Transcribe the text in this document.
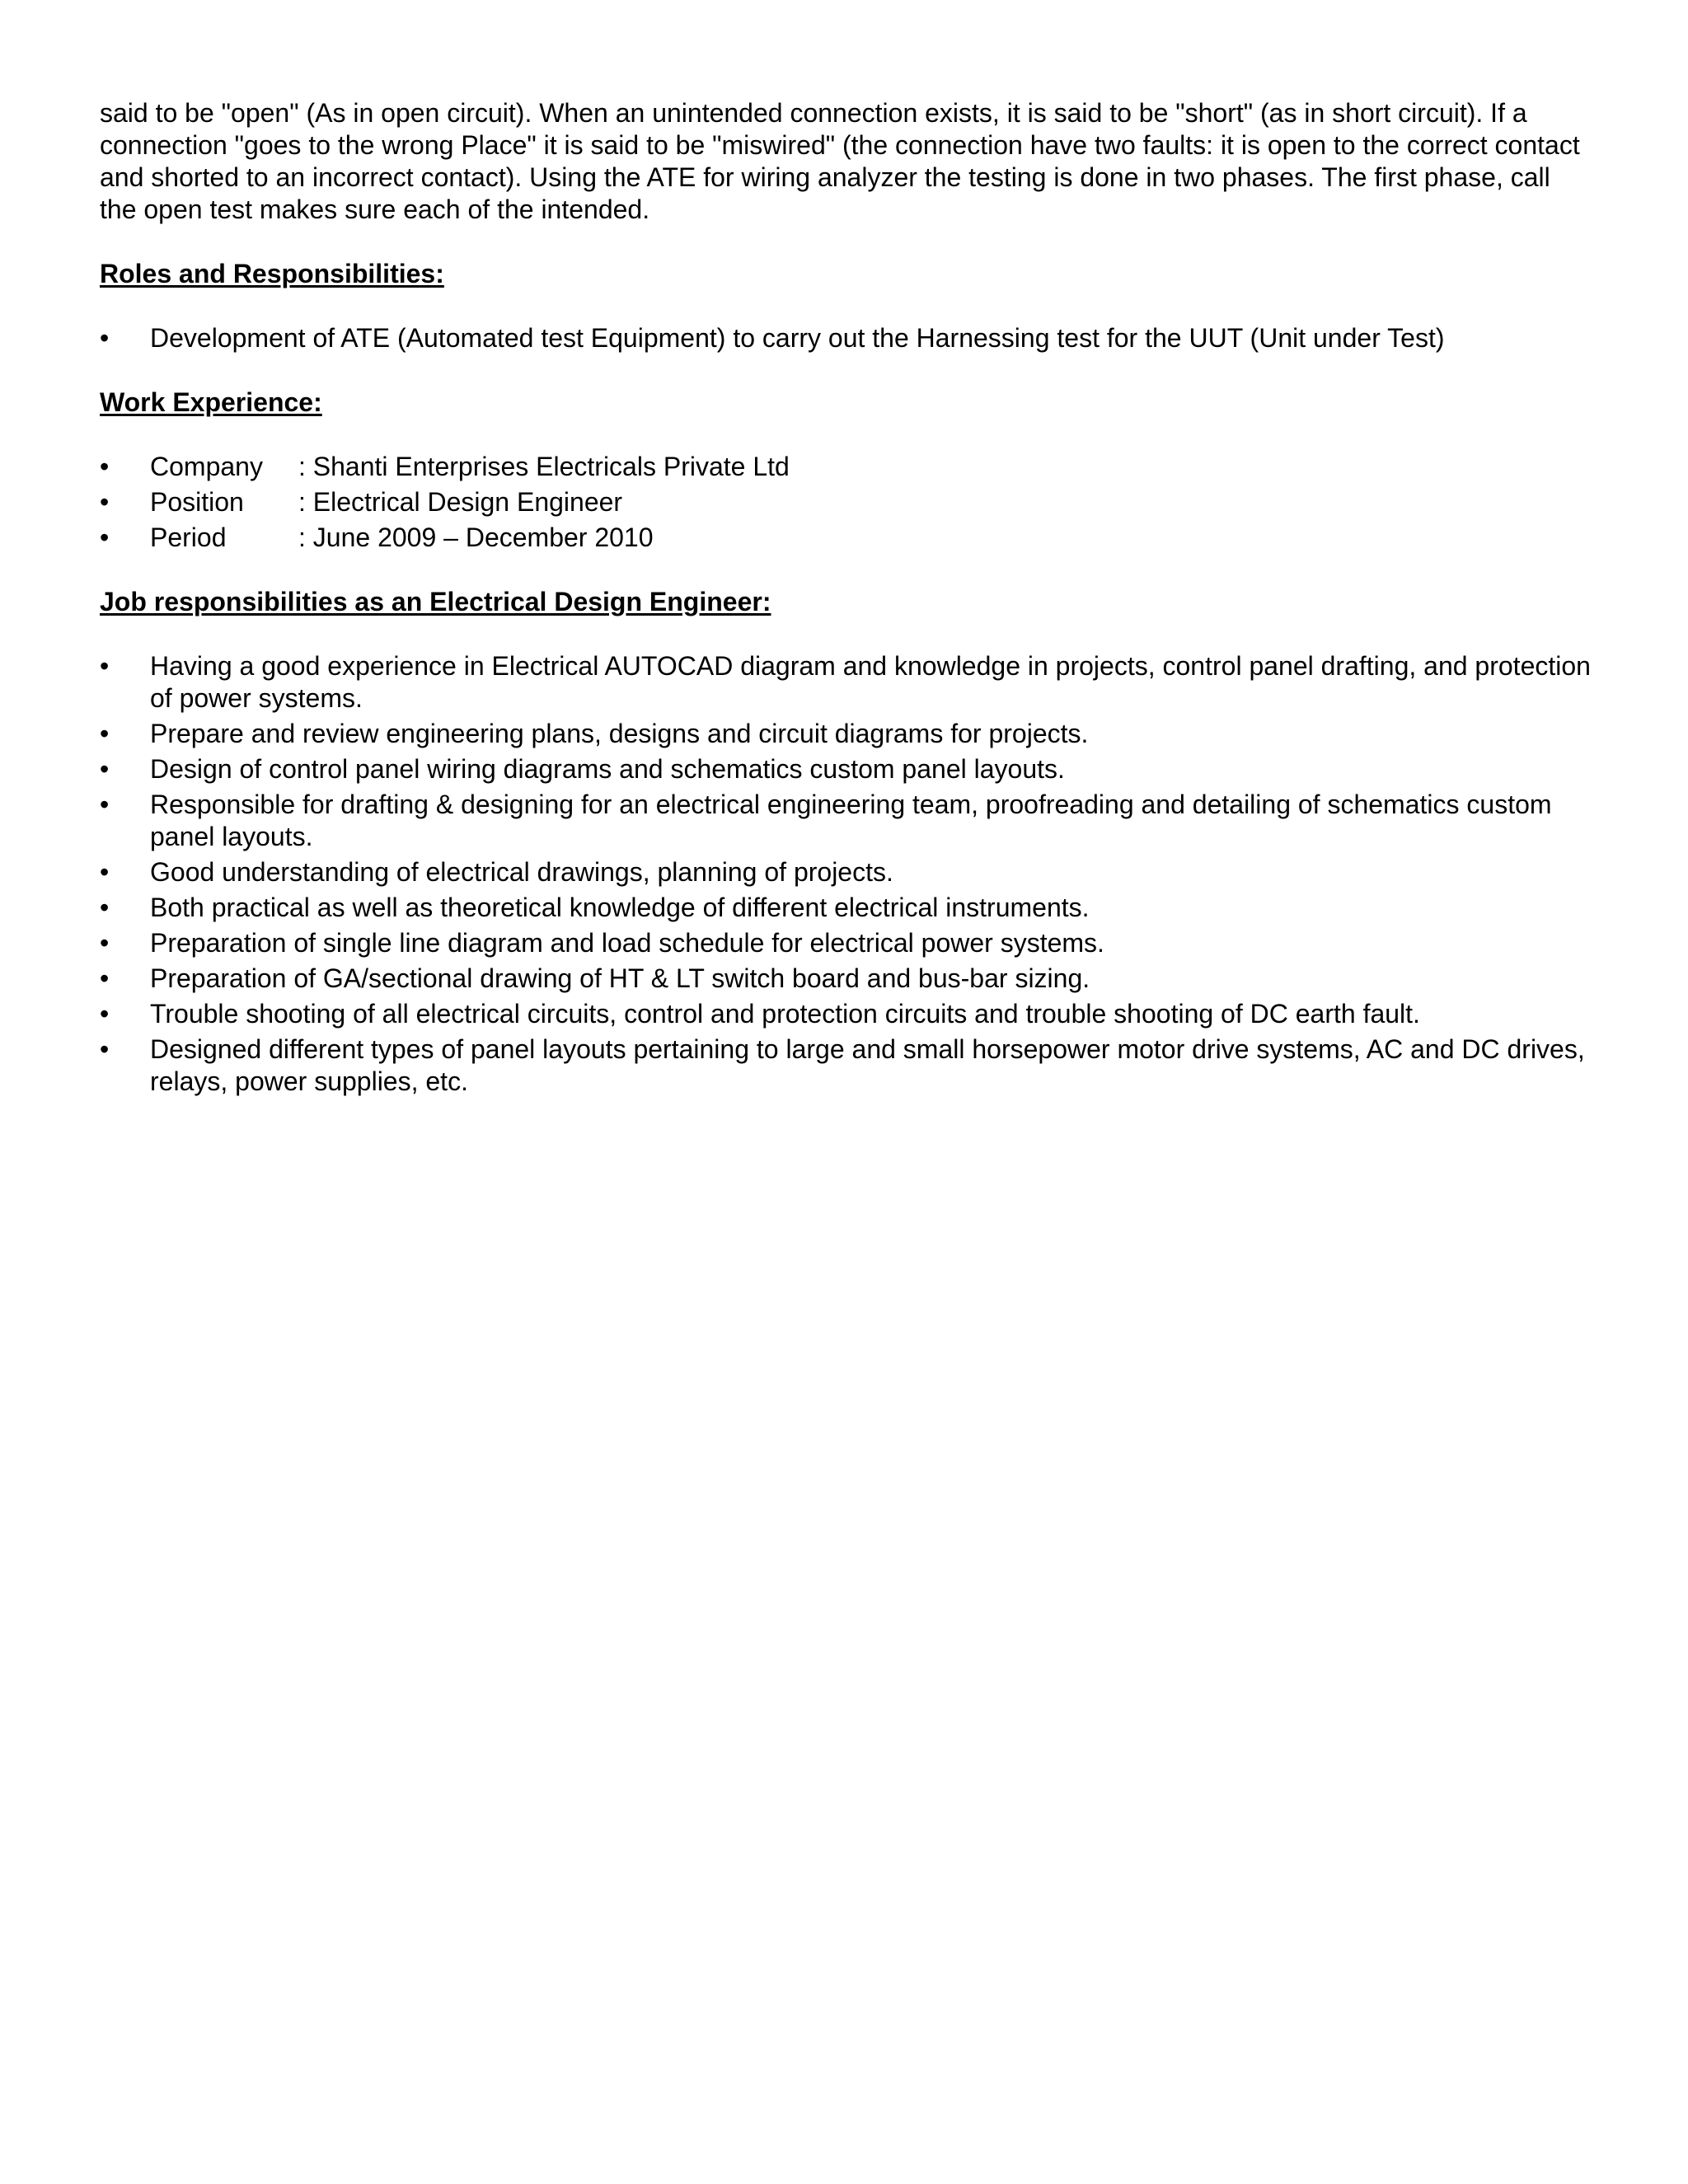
said to be "open" (As in open circuit). When an unintended connection exists, it is said to be "short" (as in short circuit). If a connection "goes to the wrong Place" it is said to be "miswired" (the connection have two faults: it is open to the correct contact and shorted to an incorrect contact). Using the ATE for wiring analyzer the testing is done in two phases. The first phase, call the open test makes sure each of the intended.

Roles and Responsibilities:
• Development of ATE (Automated test Equipment) to carry out the Harnessing test for the UUT (Unit under Test)
Work Experience:
• Company : Shanti Enterprises Electricals Private Ltd
• Position : Electrical Design Engineer
• Period	: June 2009 – December 2010
Job responsibilities as an Electrical Design Engineer:
• Having a good experience in Electrical AUTOCAD diagram and knowledge in projects, control panel drafting, and protection of power systems.
• Prepare and review engineering plans, designs and circuit diagrams for projects.
• Design of control panel wiring diagrams and schematics custom panel layouts.
• Responsible for drafting & designing for an electrical engineering team, proofreading and detailing of schematics custom panel layouts.
• Good understanding of electrical drawings, planning of projects.
• Both practical as well as theoretical knowledge of different electrical instruments.
• Preparation of single line diagram and load schedule for electrical power systems.
• Preparation of GA/sectional drawing of HT & LT switch board and bus-bar sizing.
• Trouble shooting of all electrical circuits, control and protection circuits and trouble shooting of DC earth fault.
• Designed different types of panel layouts pertaining to large and small horsepower motor drive systems, AC and DC drives, relays, power supplies, etc.
